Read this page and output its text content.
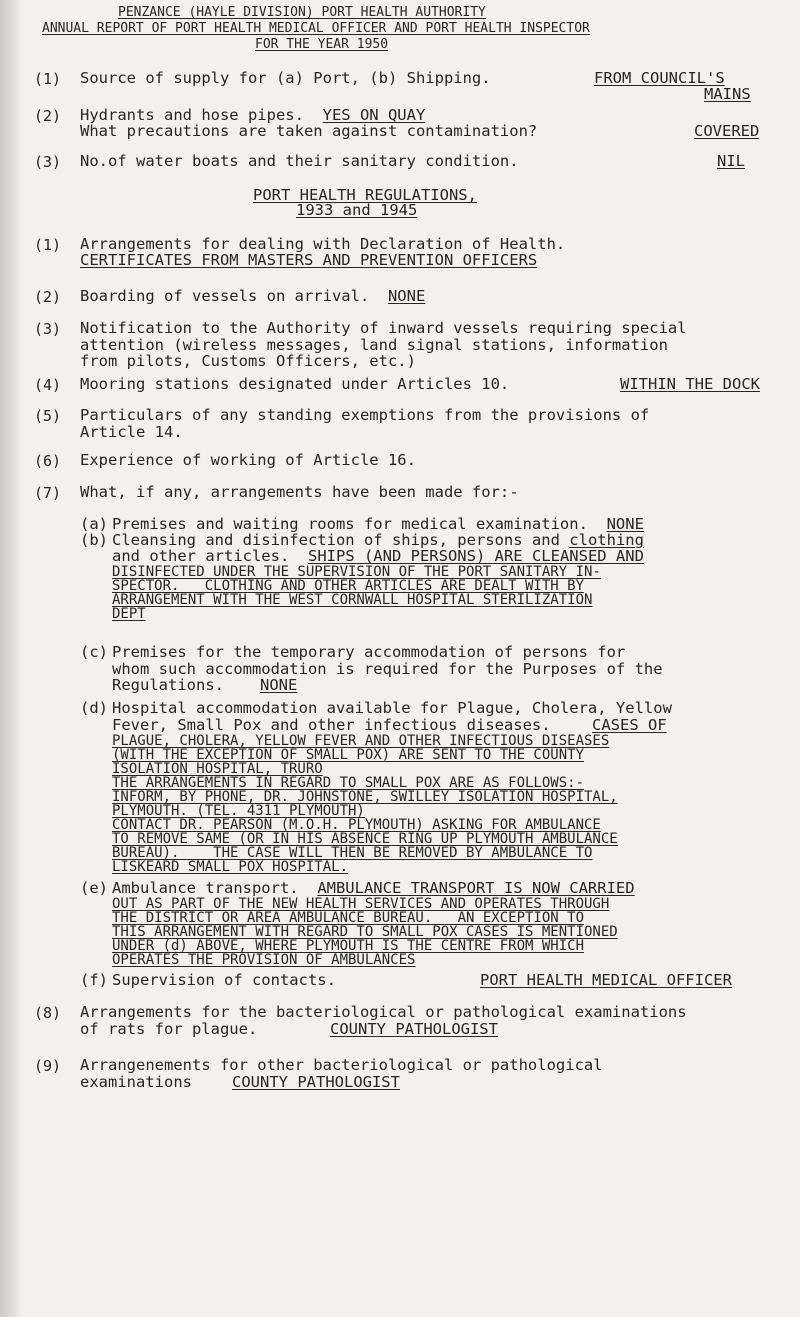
PENZANCE (HAYLE DIVISION) PORT HEALTH AUTHORITY
ANNUAL REPORT OF PORT HEALTH MEDICAL OFFICER AND PORT HEALTH INSPECTOR
FOR THE YEAR 1950
(1) Source of supply for (a) Port, (b) Shipping.	FROM COUNCIL'S
MAINS
(2) Hydrants and hose pipes. YES ON QUAY
What precautions are taken against contamination?	COVERED
(3) No.of water boats and their sanitary condition.	NIL
PORT HEALTH REGULATIONS,
1933 and 1945
(1) Arrangements for dealing with Declaration of Health.
CERTIFICATES FROM MASTERS AND PREVENTION OFFICERS
(2) Boarding of vessels on arrival. NONE
(3) Notification to the Authority of inward vessels requiring special
attention (wireless messages, land signal stations, information
from pilots, Customs Officers, etc.)
(4) Mooring stations designated under Articles 10.	WITHIN THE DOCK
(5) Particulars of any standing exemptions from the provisions of
Article 14.
(6) Experience of working of Article 16.
(7) What, if any, arrangements have been made for:-
(a) Premises and waiting rooms for medical examination. NONE
(b) Cleansing and disinfection of ships, persons and clothing
and other articles. SHIPS (AND PERSONS) ARE CLEANSED AND
DISINFECTED UNDER THE SUPERVISION OF THE PORT SANITARY IN-
SPECTOR.   CLOTHING AND OTHER ARTICLES ARE DEALT WITH BY
ARRANGEMENT WITH THE WEST CORNWALL HOSPITAL STERILIZATION
DEPT
(c) Premises for the temporary accommodation of persons for
whom such accommodation is required for the Purposes of the
Regulations.	NONE
(d) Hospital accommodation available for Plague, Cholera, Yellow
Fever, Small Pox and other infectious diseases.	CASES OF
PLAGUE, CHOLERA, YELLOW FEVER AND OTHER INFECTIOUS DISEASES
(WITH THE EXCEPTION OF SMALL POX) ARE SENT TO THE COUNTY
ISOLATION HOSPITAL, TRURO
THE ARRANGEMENTS IN REGARD TO SMALL POX ARE AS FOLLOWS:-
INFORM, BY PHONE, DR. JOHNSTONE, SWILLEY ISOLATION HOSPITAL,
PLYMOUTH. (TEL. 4311 PLYMOUTH)
CONTACT DR. PEARSON (M.O.H. PLYMOUTH) ASKING FOR AMBULANCE
TO REMOVE SAME (OR IN HIS ABSENCE RING UP PLYMOUTH AMBULANCE
BUREAU).    THE CASE WILL THEN BE REMOVED BY AMBULANCE TO
LISKEARD SMALL POX HOSPITAL.
(e) Ambulance transport. AMBULANCE TRANSPORT IS NOW CARRIED
OUT AS PART OF THE NEW HEALTH SERVICES AND OPERATES THROUGH
THE DISTRICT OR AREA AMBULANCE BUREAU.   AN EXCEPTION TO
THIS ARRANGEMENT WITH REGARD TO SMALL POX CASES IS MENTIONED
UNDER (d) ABOVE, WHERE PLYMOUTH IS THE CENTRE FROM WHICH
OPERATES THE PROVISION OF AMBULANCES
(f) Supervision of contacts.	PORT HEALTH MEDICAL OFFICER
(8) Arrangements for the bacteriological or pathological examinations
of rats for plague.	COUNTY PATHOLOGIST
(9) Arrangenements for other bacteriological or pathological
examinations	COUNTY PATHOLOGIST
